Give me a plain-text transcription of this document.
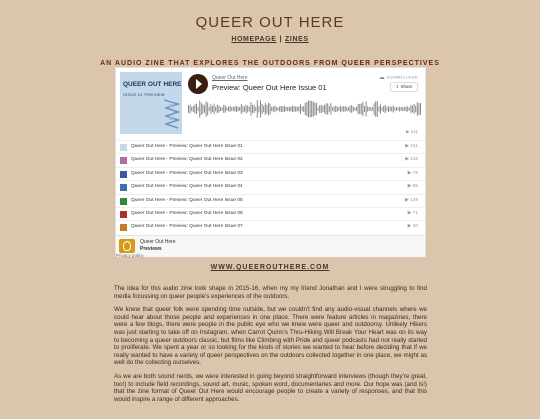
QUEER OUT HERE
HOMEPAGE | ZINES
AN AUDIO ZINE THAT EXPLORES THE OUTDOORS FROM QUEER PERSPECTIVES
QUEER OUT HERE
ISSUE 01 PREVIEW
Queer Out Here
Preview: Queer Out Here Issue 01
☁ SOUNDCLOUD
⇪ Share
▶ 211
Queer Out Here - Preview: Queer Out Here Issue 01	▶ 211
Queer Out Here - Preview: Queer Out Here Issue 02	▶ 118
Queer Out Here - Preview: Queer Out Here Issue 03	▶ 78
Queer Out Here - Preview: Queer Out Here Issue 04	▶ 85
Queer Out Here - Preview: Queer Out Here Issue 05	▶ 149
Queer Out Here - Preview: Queer Out Here Issue 06	▶ 71
Queer Out Here - Preview: Queer Out Here Issue 07	▶ 30
Queer Out Here
Previews
Privacy policy
WWW.QUEEROUTHERE.COM

The idea for this audio zine took shape in 2015-16, when my my friend Jonathan and I were struggling to find media focussing on queer people's experiences of the outdoors.

We knew that queer folk were spending time outside, but we couldn't find any audio-visual channels where we could hear about those people and experiences in one place. There were feature articles in magazines, there were a few blogs, there were people in the public eye who we knew were queer and outdoorsy. Unlikely Hikers was just starting to take off on Instagram, when Carrot Quinn's Thru-Hiking Will Break Your Heart was on its way to becoming a queer outdoors classic, but films like Climbing with Pride and queer podcasts had not really started to proliferate. We spent a year or so looking for the kinds of stories we wanted to hear before deciding that if we really wanted to have a variety of queer perspectives on the outdoors collected together in one place, we might as well do the collecting ourselves.

As we are both sound nerds, we were interested in going beyond straightforward interviews (though they're great, too!) to include field recordings, sound art, music, spoken word, documentaries and more. Our hope was (and is!) that the zine format of Queer Out Here would encourage people to create a variety of responses, and that this would inspire a range of different approaches.
